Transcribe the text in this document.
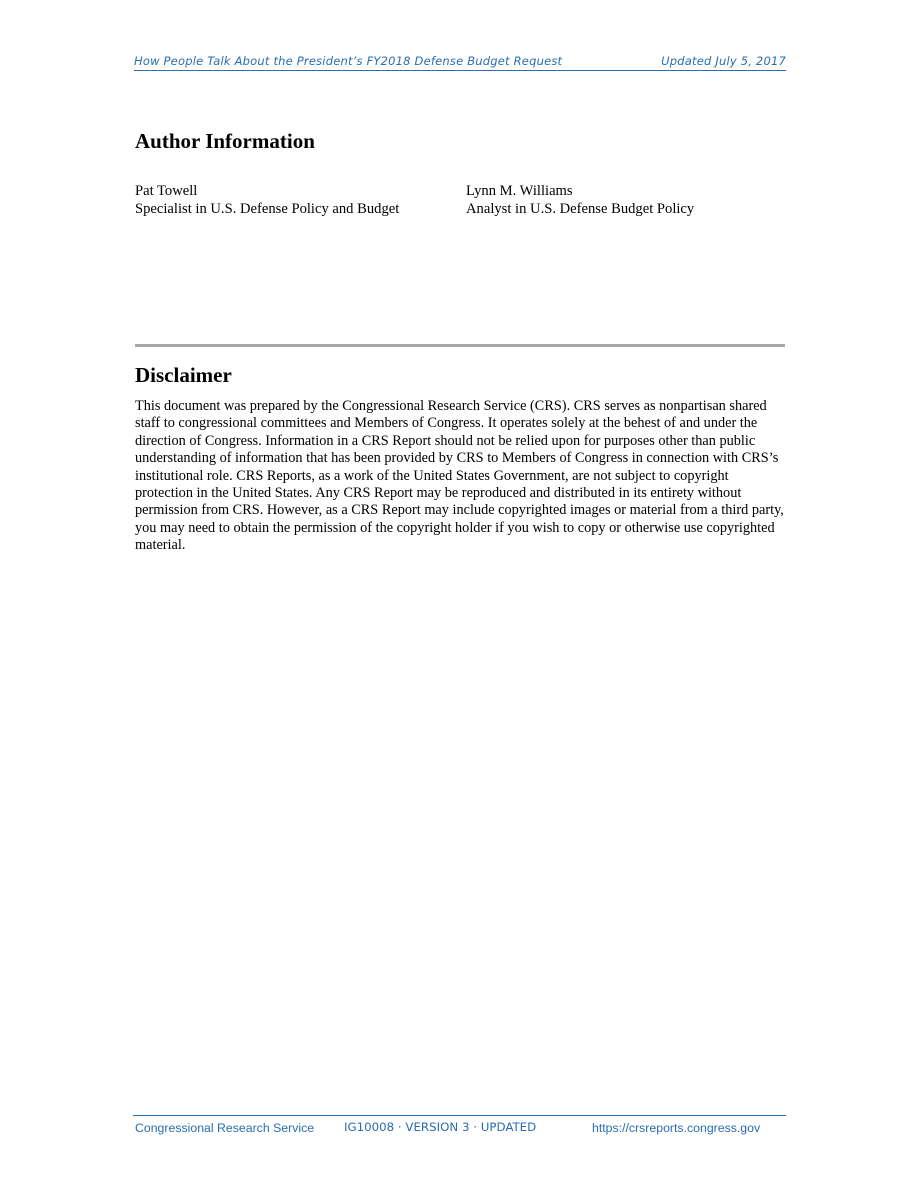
How People Talk About the President’s FY2018 Defense Budget Request	Updated July 5, 2017
Author Information
Pat Towell
Specialist in U.S. Defense Policy and Budget
Lynn M. Williams
Analyst in U.S. Defense Budget Policy
Disclaimer

This document was prepared by the Congressional Research Service (CRS). CRS serves as nonpartisan shared staff to congressional committees and Members of Congress. It operates solely at the behest of and under the direction of Congress. Information in a CRS Report should not be relied upon for purposes other than public understanding of information that has been provided by CRS to Members of Congress in connection with CRS’s institutional role. CRS Reports, as a work of the United States Government, are not subject to copyright protection in the United States. Any CRS Report may be reproduced and distributed in its entirety without permission from CRS. However, as a CRS Report may include copyrighted images or material from a third party, you may need to obtain the permission of the copyright holder if you wish to copy or otherwise use copyrighted material.

Congressional Research Service	IG10008 · VERSION 3 · UPDATED	https://crsreports.congress.gov
